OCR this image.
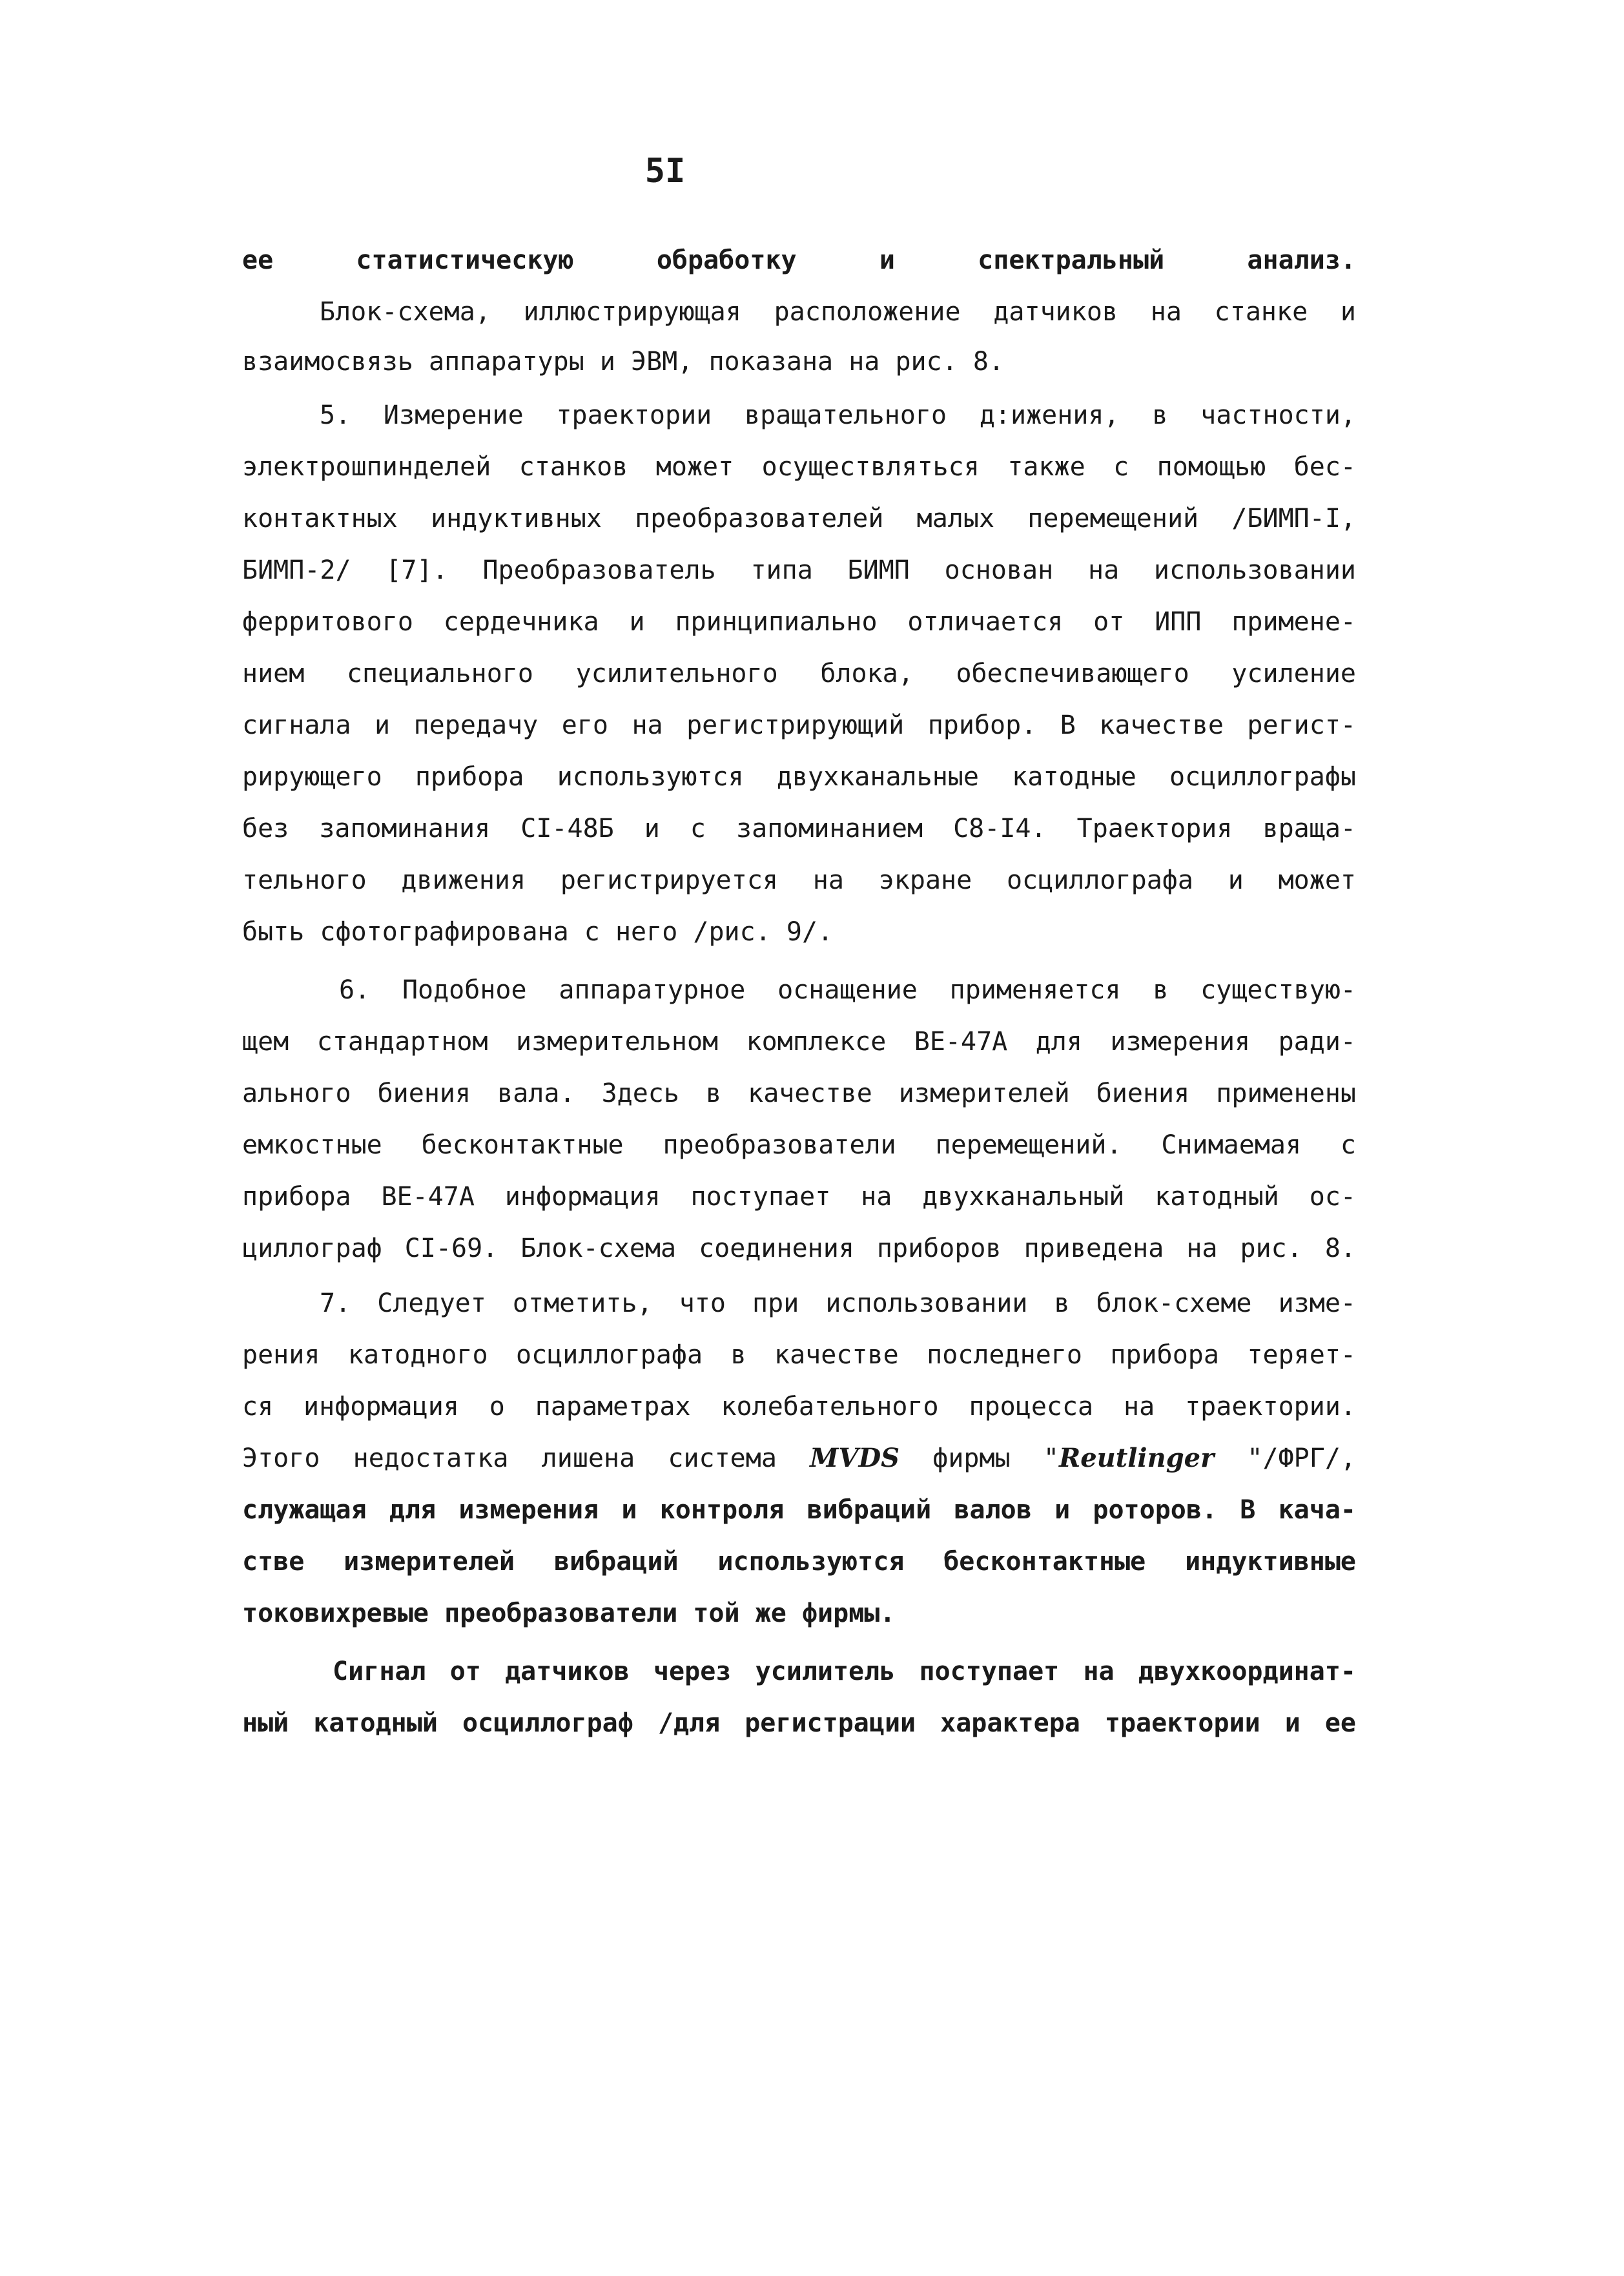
5I
ее статистическую обработку и спектральный анализ.
Блок-схема, иллюстрирующая расположение датчиков на станке и
взаимосвязь аппаратуры и ЭВМ, показана на рис. 8.
5. Измерение траектории вращательного д:ижения, в частности,
электрошпинделей станков может осуществляться также с помощью бес-
контактных индуктивных преобразователей малых перемещений /БИМП-I,
БИМП-2/ [7]. Преобразователь типа БИМП основан на использовании
ферритового сердечника и принципиально отличается от ИПП примене-
нием специального усилительного блока, обеспечивающего усиление
сигнала и передачу его на регистрирующий прибор. В качестве регист-
рирующего прибора используются двухканальные катодные осциллографы
без запоминания CI-48Б и с запоминанием C8-I4. Траектория враща-
тельного движения регистрируется на экране осциллографа и может
быть сфотографирована с него /рис. 9/.
6. Подобное аппаратурное оснащение применяется в существую-
щем стандартном измерительном комплексе ВЕ-47А для измерения ради-
ального биения вала. Здесь в качестве измерителей биения применены
емкостные бесконтактные преобразователи перемещений. Снимаемая с
прибора ВЕ-47А информация поступает на двухканальный катодный ос-
циллограф CI-69. Блок-схема соединения приборов приведена на рис. 8.
7. Следует отметить, что при использовании в блок-схеме изме-
рения катодного осциллографа в качестве последнего прибора теряет-
ся информация о параметрах колебательного процесса на траектории.
Этого недостатка лишена система MVDS фирмы "Reutlinger "/ФРГ/,
служащая для измерения и контроля вибраций валов и роторов. В кача-
стве измерителей вибраций используются бесконтактные индуктивные
токовихревые преобразователи той же фирмы.
Сигнал от датчиков через усилитель поступает на двухкоординат-
ный катодный осциллограф /для регистрации характера траектории и ее
